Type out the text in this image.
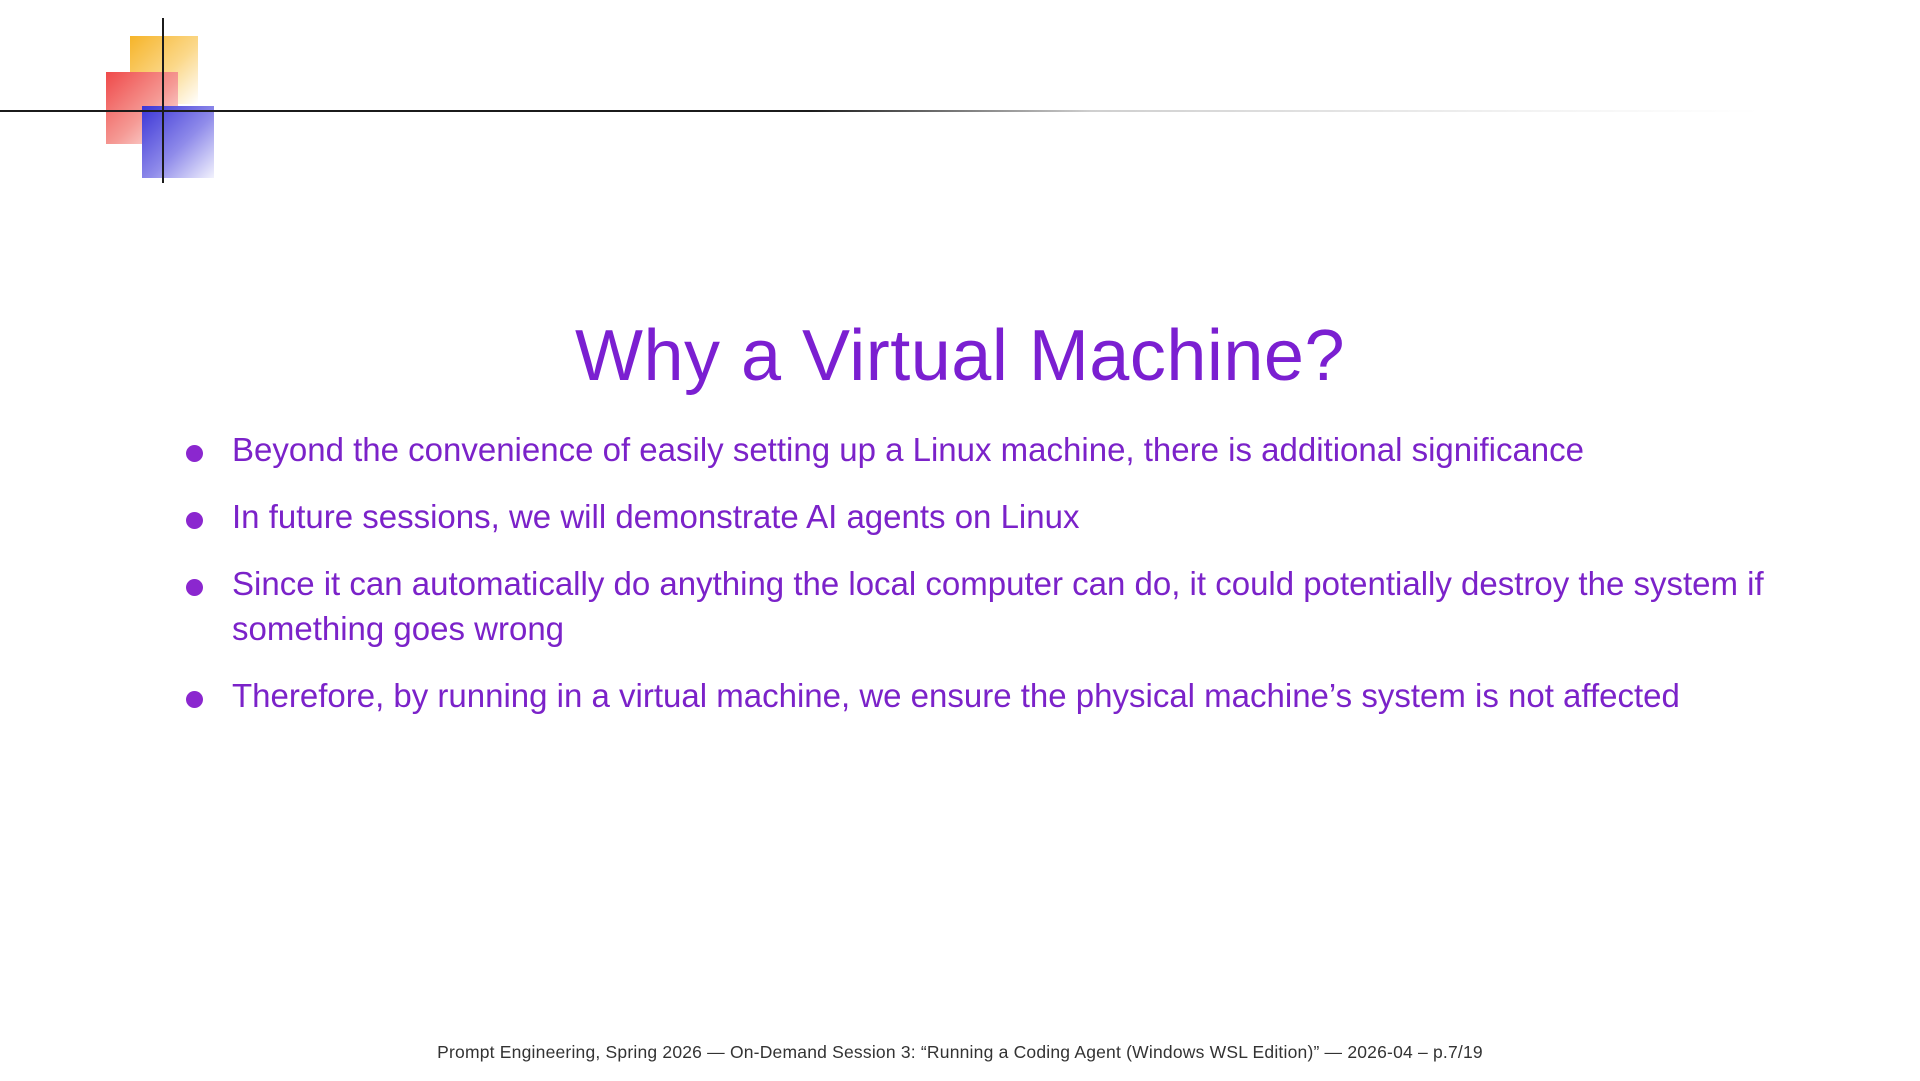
Why a Virtual Machine?
Beyond the convenience of easily setting up a Linux machine, there is additional significance
In future sessions, we will demonstrate AI agents on Linux
Since it can automatically do anything the local computer can do, it could potentially destroy the system if something goes wrong
Therefore, by running in a virtual machine, we ensure the physical machine’s system is not affected
Prompt Engineering, Spring 2026 — On-Demand Session 3: “Running a Coding Agent (Windows WSL Edition)” — 2026-04 – p.7/19
